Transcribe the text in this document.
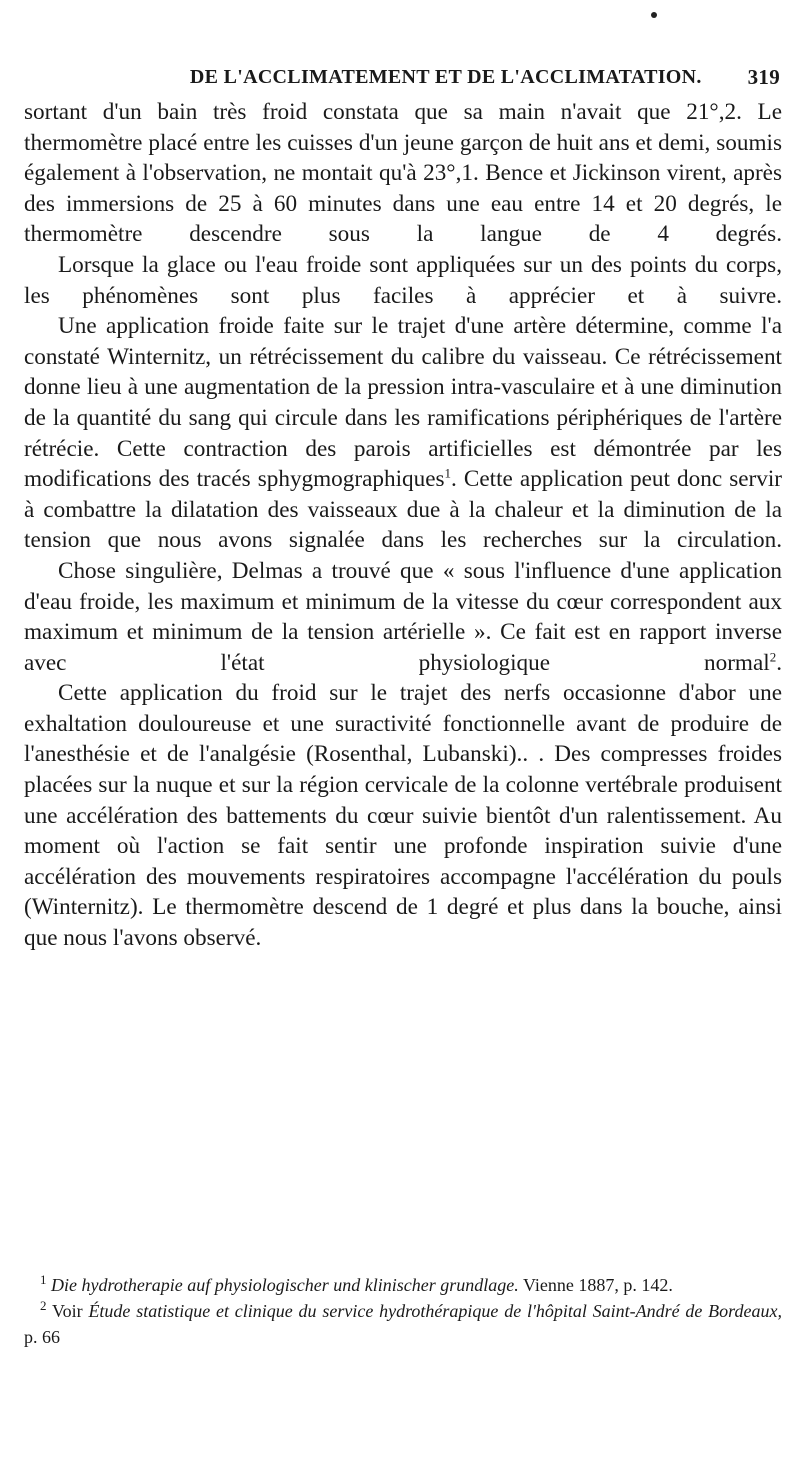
DE L'ACCLIMATEMENT ET DE L'ACCLIMATATION.	319

sortant d'un bain très froid constata que sa main n'avait que 21°,2. Le thermomètre placé entre les cuisses d'un jeune garçon de huit ans et demi, soumis également à l'observation, ne montait qu'à 23°,1. Bence et Jickinson virent, après des immersions de 25 à 60 minutes dans une eau entre 14 et 20 degrés, le thermomètre descendre sous la langue de 4 degrés.

Lorsque la glace ou l'eau froide sont appliquées sur un des points du corps, les phénomènes sont plus faciles à apprécier et à suivre.

Une application froide faite sur le trajet d'une artère détermine, comme l'a constaté Winternitz, un rétrécissement du calibre du vaisseau. Ce rétrécissement donne lieu à une augmentation de la pression intra-vasculaire et à une diminution de la quantité du sang qui circule dans les ramifications périphériques de l'artère rétrécie. Cette contraction des parois artificielles est démontrée par les modifications des tracés sphygmographiques$^1$. Cette application peut donc servir à combattre la dilatation des vaisseaux due à la chaleur et la diminution de la tension que nous avons signalée dans les recherches sur la circulation.

Chose singulière, Delmas a trouvé que « sous l'influence d'une application d'eau froide, les maximum et minimum de la vitesse du cœur correspondent aux maximum et minimum de la tension artérielle ». Ce fait est en rapport inverse avec l'état physiologique normal$^2$.

Cette application du froid sur le trajet des nerfs occasionne d'abor une exhaltation douloureuse et une suractivité fonctionnelle avant de produire de l'anesthésie et de l'analgésie (Rosenthal, Lubanski).. . Des compresses froides placées sur la nuque et sur la région cervicale de la colonne vertébrale produisent une accélération des battements du cœur suivie bientôt d'un ralentissement. Au moment où l'action se fait sentir une profonde inspiration suivie d'une accélération des mouvements respiratoires accompagne l'accélération du pouls (Winternitz). Le thermomètre descend de 1 degré et plus dans la bouche, ainsi que nous l'avons observé.

$^1$ Die hydrotherapie auf physiologischer und klinischer grundlage. Vienne 1887, p. 142.

$^2$ Voir Étude statistique et clinique du service hydrothérapique de l'hôpital Saint-André de Bordeaux, p. 66
